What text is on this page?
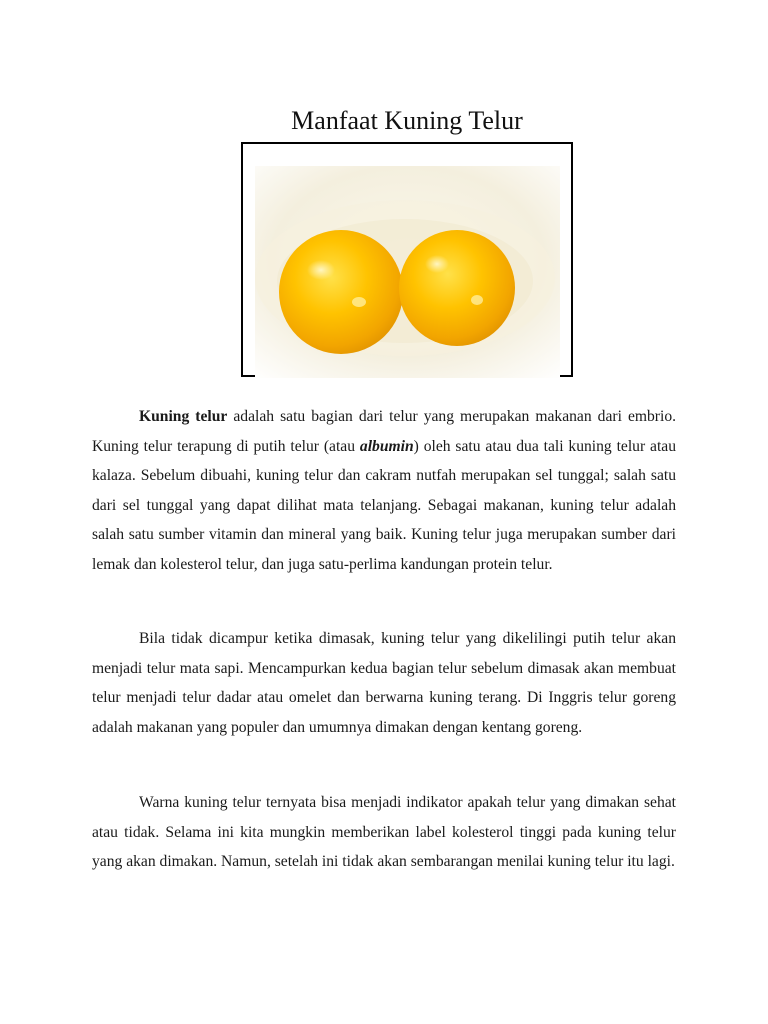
Manfaat Kuning Telur

Kuning telur adalah satu bagian dari telur yang merupakan makanan dari embrio. Kuning telur terapung di putih telur (atau albumin) oleh satu atau dua tali kuning telur atau kalaza. Sebelum dibuahi, kuning telur dan cakram nutfah merupakan sel tunggal; salah satu dari sel tunggal yang dapat dilihat mata telanjang. Sebagai makanan, kuning telur adalah salah satu sumber vitamin dan mineral yang baik. Kuning telur juga merupakan sumber dari lemak dan kolesterol telur, dan juga satu-perlima kandungan protein telur.

Bila tidak dicampur ketika dimasak, kuning telur yang dikelilingi putih telur akan menjadi telur mata sapi. Mencampurkan kedua bagian telur sebelum dimasak akan membuat telur menjadi telur dadar atau omelet dan berwarna kuning terang. Di Inggris telur goreng adalah makanan yang populer dan umumnya dimakan dengan kentang goreng.

Warna kuning telur ternyata bisa menjadi indikator apakah telur yang dimakan sehat atau tidak. Selama ini kita mungkin memberikan label kolesterol tinggi pada kuning telur yang akan dimakan. Namun, setelah ini tidak akan sembarangan menilai kuning telur itu lagi.
